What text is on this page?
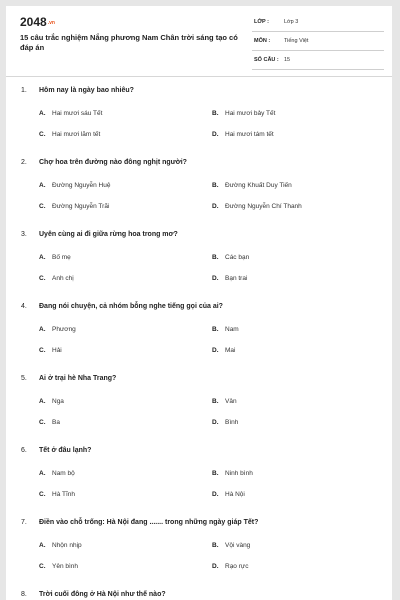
2048.vn
15 câu trắc nghiệm Nắng phương Nam Chân trời sáng tạo có đáp án
LỚP :	Lớp 3
MÔN :	Tiếng Việt
SỐ CÂU : 15
1. Hôm nay là ngày bao nhiêu?
A. Hai mươi sáu Tết	B. Hai mươi bảy Tết
C. Hai mươi lăm tết	D. Hai mươi tám tết
2. Chợ hoa trên đường nào đông nghịt người?
A. Đường Nguyễn Huệ	B. Đường Khuất Duy Tiến
C. Đường Nguyễn Trãi	D. Đường Nguyễn Chí Thanh
3. Uyên cùng ai đi giữa rừng hoa trong mơ?
A. Bố mẹ	B. Các bạn
C. Anh chị	D. Bạn trai
4. Đang nói chuyện, cả nhóm bỗng nghe tiếng gọi của ai?
A. Phương	B. Nam
C. Hải	D. Mai
5. Ai ở trại hè Nha Trang?
A. Nga	B. Vân
C. Ba	D. Bình
6. Tết ở đâu lạnh?
A. Nam bộ	B. Ninh bình
C. Hà Tĩnh	D. Hà Nội
7. Điền vào chỗ trống: Hà Nội đang ....... trong những ngày giáp Tết?
A. Nhộn nhịp	B. Vội vàng
C. Yên bình	D. Rạo rực
8. Trời cuối đông ở Hà Nội như thế nào?
